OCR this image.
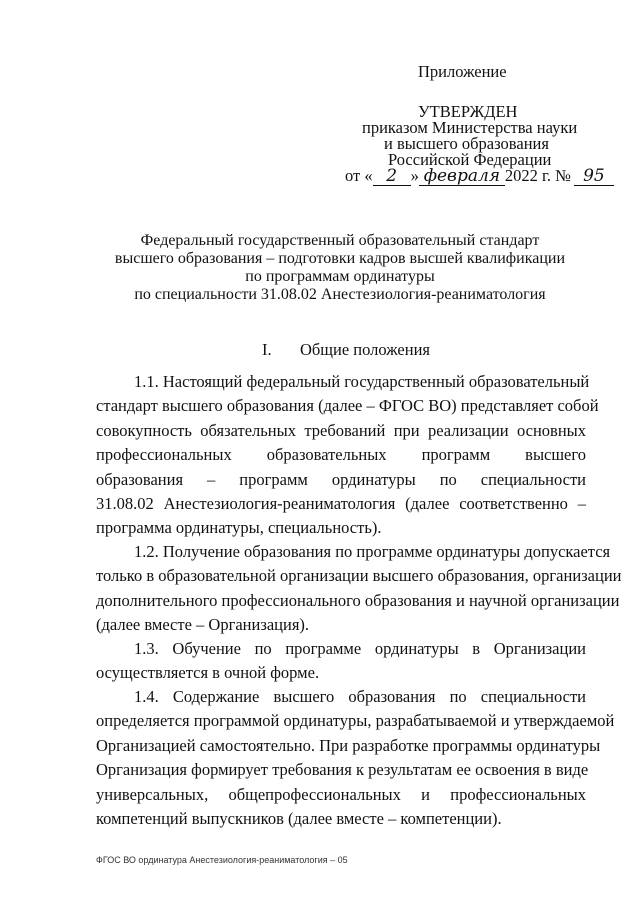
Приложение
УТВЕРЖДЕН
приказом Министерства науки
и высшего образования
Российской Федерации
от « 2 » февраля 2022 г. № 95
Федеральный государственный образовательный стандарт
высшего образования – подготовки кадров высшей квалификации
по программам ординатуры
по специальности 31.08.02 Анестезиология-реаниматология
I. Общие положения
1.1. Настоящий федеральный государственный образовательный
стандарт высшего образования (далее – ФГОС ВО) представляет собой
совокупность обязательных требований при реализации основных
профессиональных образовательных программ высшего
образования – программ ординатуры по специальности
31.08.02 Анестезиология-реаниматология (далее соответственно –
программа ординатуры, специальность).
1.2. Получение образования по программе ординатуры допускается
только в образовательной организации высшего образования, организации
дополнительного профессионального образования и научной организации
(далее вместе – Организация).
1.3. Обучение по программе ординатуры в Организации
осуществляется в очной форме.
1.4. Содержание высшего образования по специальности
определяется программой ординатуры, разрабатываемой и утверждаемой
Организацией самостоятельно. При разработке программы ординатуры
Организация формирует требования к результатам ее освоения в виде
универсальных, общепрофессиональных и профессиональных
компетенций выпускников (далее вместе – компетенции).
ФГОС ВО ординатура Анестезиология-реаниматология – 05
